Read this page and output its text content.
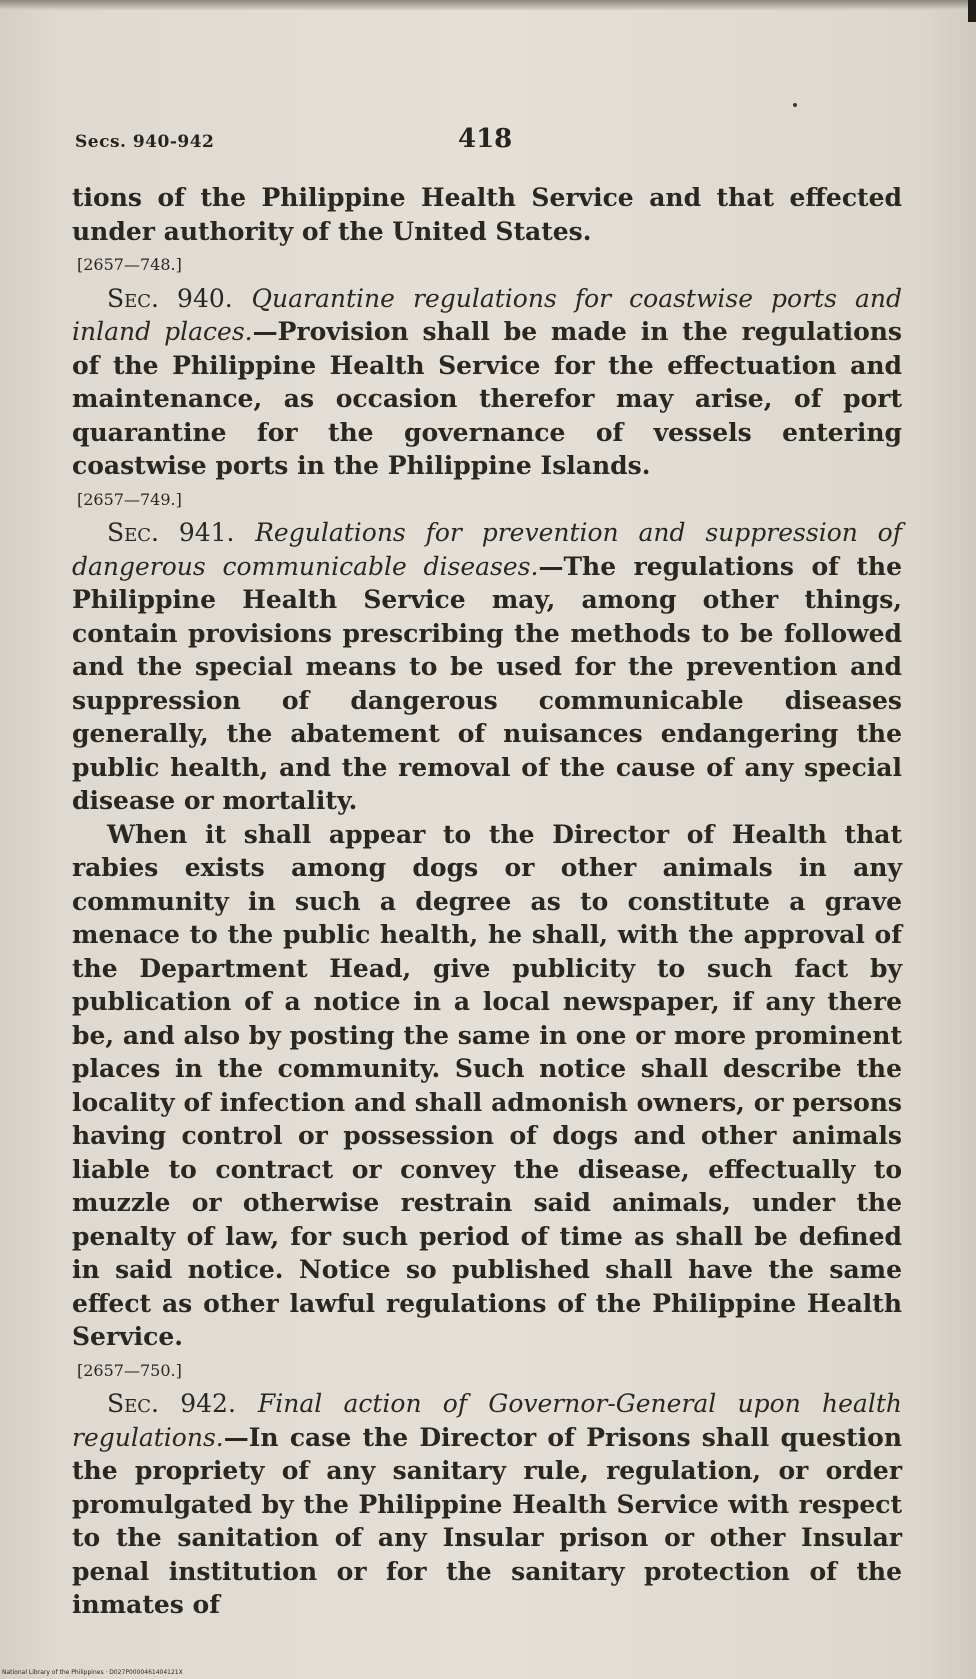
Secs. 940-942	418

tions of the Philippine Health Service and that effected under authority of the United States.

[2657—748.]

Sec. 940. Quarantine regulations for coastwise ports and inland places.—Provision shall be made in the regulations of the Philippine Health Service for the effectuation and maintenance, as occasion therefor may arise, of port quarantine for the governance of vessels entering coastwise ports in the Philippine Islands.

[2657—749.]

Sec. 941. Regulations for prevention and suppression of dangerous communicable diseases.—The regulations of the Philippine Health Service may, among other things, contain provisions prescribing the methods to be followed and the special means to be used for the prevention and suppression of dangerous communicable diseases generally, the abatement of nuisances endangering the public health, and the removal of the cause of any special disease or mortality.

When it shall appear to the Director of Health that rabies exists among dogs or other animals in any community in such a degree as to constitute a grave menace to the public health, he shall, with the approval of the Department Head, give publicity to such fact by publication of a notice in a local newspaper, if any there be, and also by posting the same in one or more prominent places in the community. Such notice shall describe the locality of infection and shall admonish owners, or persons having control or possession of dogs and other animals liable to contract or convey the disease, effectually to muzzle or otherwise restrain said animals, under the penalty of law, for such period of time as shall be defined in said notice. Notice so published shall have the same effect as other lawful regulations of the Philippine Health Service.

[2657—750.]

Sec. 942. Final action of Governor-General upon health regulations.—In case the Director of Prisons shall question the propriety of any sanitary rule, regulation, or order promulgated by the Philippine Health Service with respect to the sanitation of any Insular prison or other Insular penal institution or for the sanitary protection of the inmates of

National Library of the Philippines · D027P0000461404121X
